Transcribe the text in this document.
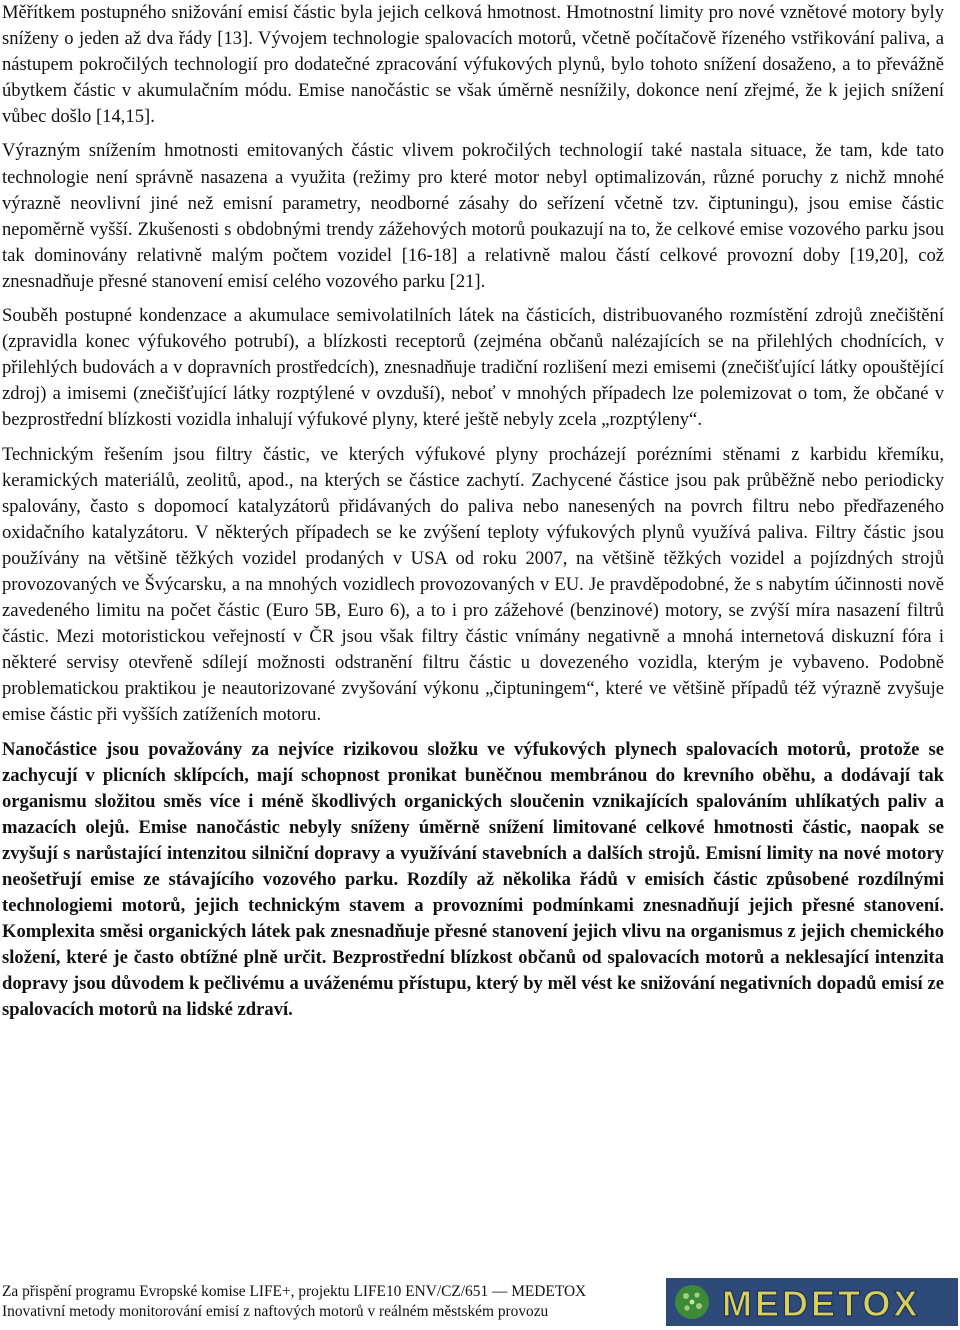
Měřítkem postupného snižování emisí částic byla jejich celková hmotnost. Hmotnostní limity pro nové vznětové motory byly sníženy o jeden až dva řády [13]. Vývojem technologie spalovacích motorů, včetně počítačově řízeného vstřikování paliva, a nástupem pokročilých technologií pro dodatečné zpracování výfukových plynů, bylo tohoto snížení dosaženo, a to převážně úbytkem částic v akumulačním módu. Emise nanočástic se však úměrně nesnížily, dokonce není zřejmé, že k jejich snížení vůbec došlo [14,15].

Výrazným snížením hmotnosti emitovaných částic vlivem pokročilých technologií také nastala situace, že tam, kde tato technologie není správně nasazena a využita (režimy pro které motor nebyl optimalizován, různé poruchy z nichž mnohé výrazně neovlivní jiné než emisní parametry, neodborné zásahy do seřízení včetně tzv. čiptuningu), jsou emise částic nepoměrně vyšší. Zkušenosti s obdobnými trendy zážehových motorů poukazují na to, že celkové emise vozového parku jsou tak dominovány relativně malým počtem vozidel [16-18] a relativně malou částí celkové provozní doby [19,20], což znesnadňuje přesné stanovení emisí celého vozového parku [21].

Souběh postupné kondenzace a akumulace semivolatilních látek na částicích, distribuovaného rozmístění zdrojů znečištění (zpravidla konec výfukového potrubí), a blízkosti receptorů (zejména občanů nalézajících se na přilehlých chodnících, v přilehlých budovách a v dopravních prostředcích), znesnadňuje tradiční rozlišení mezi emisemi (znečišťující látky opouštějící zdroj) a imisemi (znečišťující látky rozptýlené v ovzduší), neboť v mnohých případech lze polemizovat o tom, že občané v bezprostřední blízkosti vozidla inhalují výfukové plyny, které ještě nebyly zcela „rozptýleny“.

Technickým řešením jsou filtry částic, ve kterých výfukové plyny procházejí porézními stěnami z karbidu křemíku, keramických materiálů, zeolitů, apod., na kterých se částice zachytí. Zachycené částice jsou pak průběžně nebo periodicky spalovány, často s dopomocí katalyzátorů přidávaných do paliva nebo nanesených na povrch filtru nebo předřazeného oxidačního katalyzátoru. V některých případech se ke zvýšení teploty výfukových plynů využívá paliva. Filtry částic jsou používány na většině těžkých vozidel prodaných v USA od roku 2007, na většině těžkých vozidel a pojízdných strojů provozovaných ve Švýcarsku, a na mnohých vozidlech provozovaných v EU. Je pravděpodobné, že s nabytím účinnosti nově zavedeného limitu na počet částic (Euro 5B, Euro 6), a to i pro zážehové (benzinové) motory, se zvýší míra nasazení filtrů částic. Mezi motoristickou veřejností v ČR jsou však filtry částic vnímány negativně a mnohá internetová diskuzní fóra i některé servisy otevřeně sdílejí možnosti odstranění filtru částic u dovezeného vozidla, kterým je vybaveno. Podobně problematickou praktikou je neautorizované zvyšování výkonu „čiptuningem“, které ve většině případů též výrazně zvyšuje emise částic při vyšších zatíženích motoru.

Nanočástice jsou považovány za nejvíce rizikovou složku ve výfukových plynech spalovacích motorů, protože se zachycují v plicních sklípcích, mají schopnost pronikat buněčnou membránou do krevního oběhu, a dodávají tak organismu složitou směs více i méně škodlivých organických sloučenin vznikajících spalováním uhlíkatých paliv a mazacích olejů. Emise nanočástic nebyly sníženy úměrně snížení limitované celkové hmotnosti částic, naopak se zvyšují s narůstající intenzitou silniční dopravy a využívání stavebních a dalších strojů. Emisní limity na nové motory neošetřují emise ze stávajícího vozového parku. Rozdíly až několika řádů v emisích částic způsobené rozdílnými technologiemi motorů, jejich technickým stavem a provozními podmínkami znesnadňují jejich přesné stanovení. Komplexita směsi organických látek pak znesnadňuje přesné stanovení jejich vlivu na organismus z jejich chemického složení, které je často obtížné plně určit. Bezprostřední blízkost občanů od spalovacích motorů a neklesající intenzita dopravy jsou důvodem k pečlivému a uváženému přístupu, který by měl vést ke snižování negativních dopadů emisí ze spalovacích motorů na lidské zdraví.

Za přispění programu Evropské komise LIFE+, projektu LIFE10 ENV/CZ/651 — MEDETOX
Inovativní metody monitorování emisí z naftových motorů v reálném městském provozu	MEDETOX
